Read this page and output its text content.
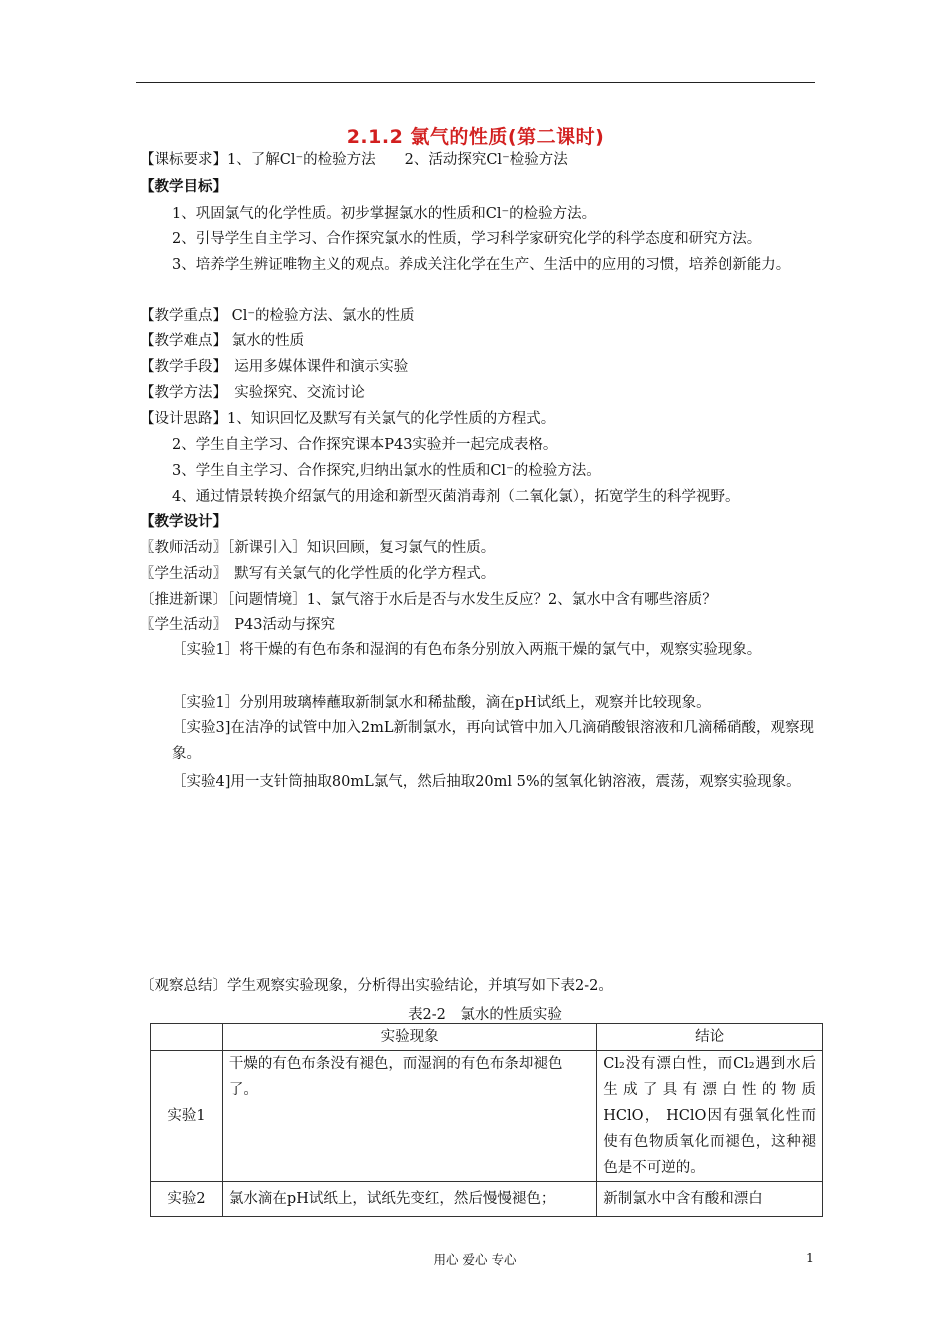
2.1.2 氯气的性质(第二课时)
【课标要求】1、了解Cl⁻的检验方法　　2、活动探究Cl⁻检验方法
【教学目标】
1、巩固氯气的化学性质。初步掌握氯水的性质和Cl⁻的检验方法。
2、引导学生自主学习、合作探究氯水的性质，学习科学家研究化学的科学态度和研究方法。
3、培养学生辨证唯物主义的观点。养成关注化学在生产、生活中的应用的习惯，培养创新能力。
【教学重点】 Cl⁻的检验方法、氯水的性质
【教学难点】 氯水的性质
【教学手段】　运用多媒体课件和演示实验
【教学方法】　实验探究、交流讨论
【设计思路】1、知识回忆及默写有关氯气的化学性质的方程式。
2、学生自主学习、合作探究课本P43实验并一起完成表格。
3、学生自主学习、合作探究,归纳出氯水的性质和Cl⁻的检验方法。
4、通过情景转换介绍氯气的用途和新型灭菌消毒剂（二氧化氯），拓宽学生的科学视野。
【教学设计】
〖教师活动〗［新课引入］知识回顾，复习氯气的性质。
〖学生活动〗　默写有关氯气的化学性质的化学方程式。
〔推进新课〕［问题情境］1、氯气溶于水后是否与水发生反应？2、氯水中含有哪些溶质？
〖学生活动〗　P43活动与探究
［实验1］将干燥的有色布条和湿润的有色布条分别放入两瓶干燥的氯气中，观察实验现象。
［实验1］分别用玻璃棒蘸取新制氯水和稀盐酸，滴在pH试纸上，观察并比较现象。
［实验3]在洁净的试管中加入2mL新制氯水，再向试管中加入几滴硝酸银溶液和几滴稀硝酸，观察现象。
［实验4]用一支针筒抽取80mL氯气，然后抽取20ml 5%的氢氧化钠溶液，震荡，观察实验现象。
〔观察总结〕学生观察实验现象，分析得出实验结论，并填写如下表2-2。
表2-2　氯水的性质实验
	实验现象	结论
实验1	干燥的有色布条没有褪色，而湿润的有色布条却褪色了。	Cl₂没有漂白性，而Cl₂遇到水后生成了具有漂白性的物质HClO， HClO因有强氧化性而使有色物质氧化而褪色，这种褪色是不可逆的。
实验2	氯水滴在pH试纸上，试纸先变红，然后慢慢褪色；	新制氯水中含有酸和漂白
用心 爱心 专心	1
